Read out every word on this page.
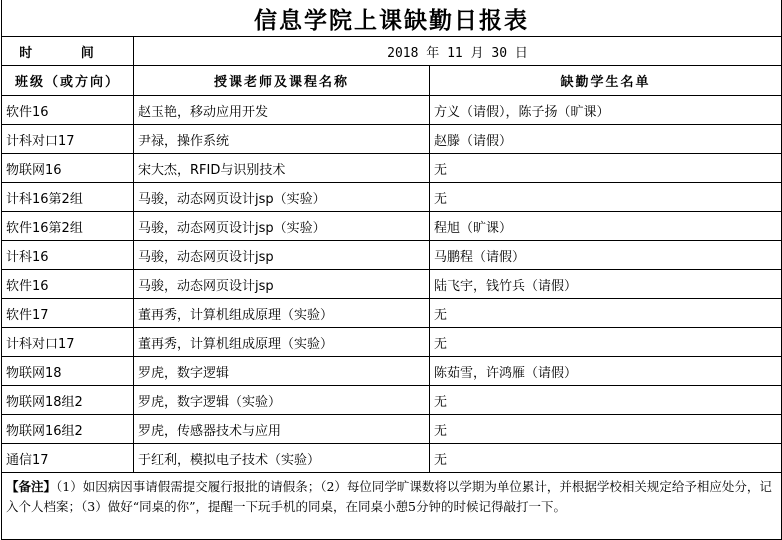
信息学院上课缺勤日报表		
时 间	2018 年 11 月 30 日	
班级（或方向）	授课老师及课程名称	缺勤学生名单
软件16	赵玉艳，移动应用开发	方义（请假），陈子扬（旷课）
计科对口17	尹禄，操作系统	赵滕（请假）
物联网16	宋大杰，RFID与识别技术	无
计科16第2组	马骏，动态网页设计jsp（实验）	无
软件16第2组	马骏，动态网页设计jsp（实验）	程旭（旷课）
计科16	马骏，动态网页设计jsp	马鹏程（请假）
软件16	马骏，动态网页设计jsp	陆飞宇，钱竹兵（请假）
软件17	董再秀，计算机组成原理（实验）	无
计科对口17	董再秀，计算机组成原理（实验）	无
物联网18	罗虎，数字逻辑	陈茹雪，许鸿雁（请假）
物联网18组2	罗虎，数字逻辑（实验）	无
物联网16组2	罗虎，传感器技术与应用	无
通信17	于红利，模拟电子技术（实验）	无
【备注】（1）如因病因事请假需提交履行报批的请假条；（2）每位同学旷课数将以学期为单位累计，并根据学校相关规定给予相应处分，记入个人档案；（3）做好“同桌的你”，提醒一下玩手机的同桌，在同桌小憩5分钟的时候记得敲打一下。		
